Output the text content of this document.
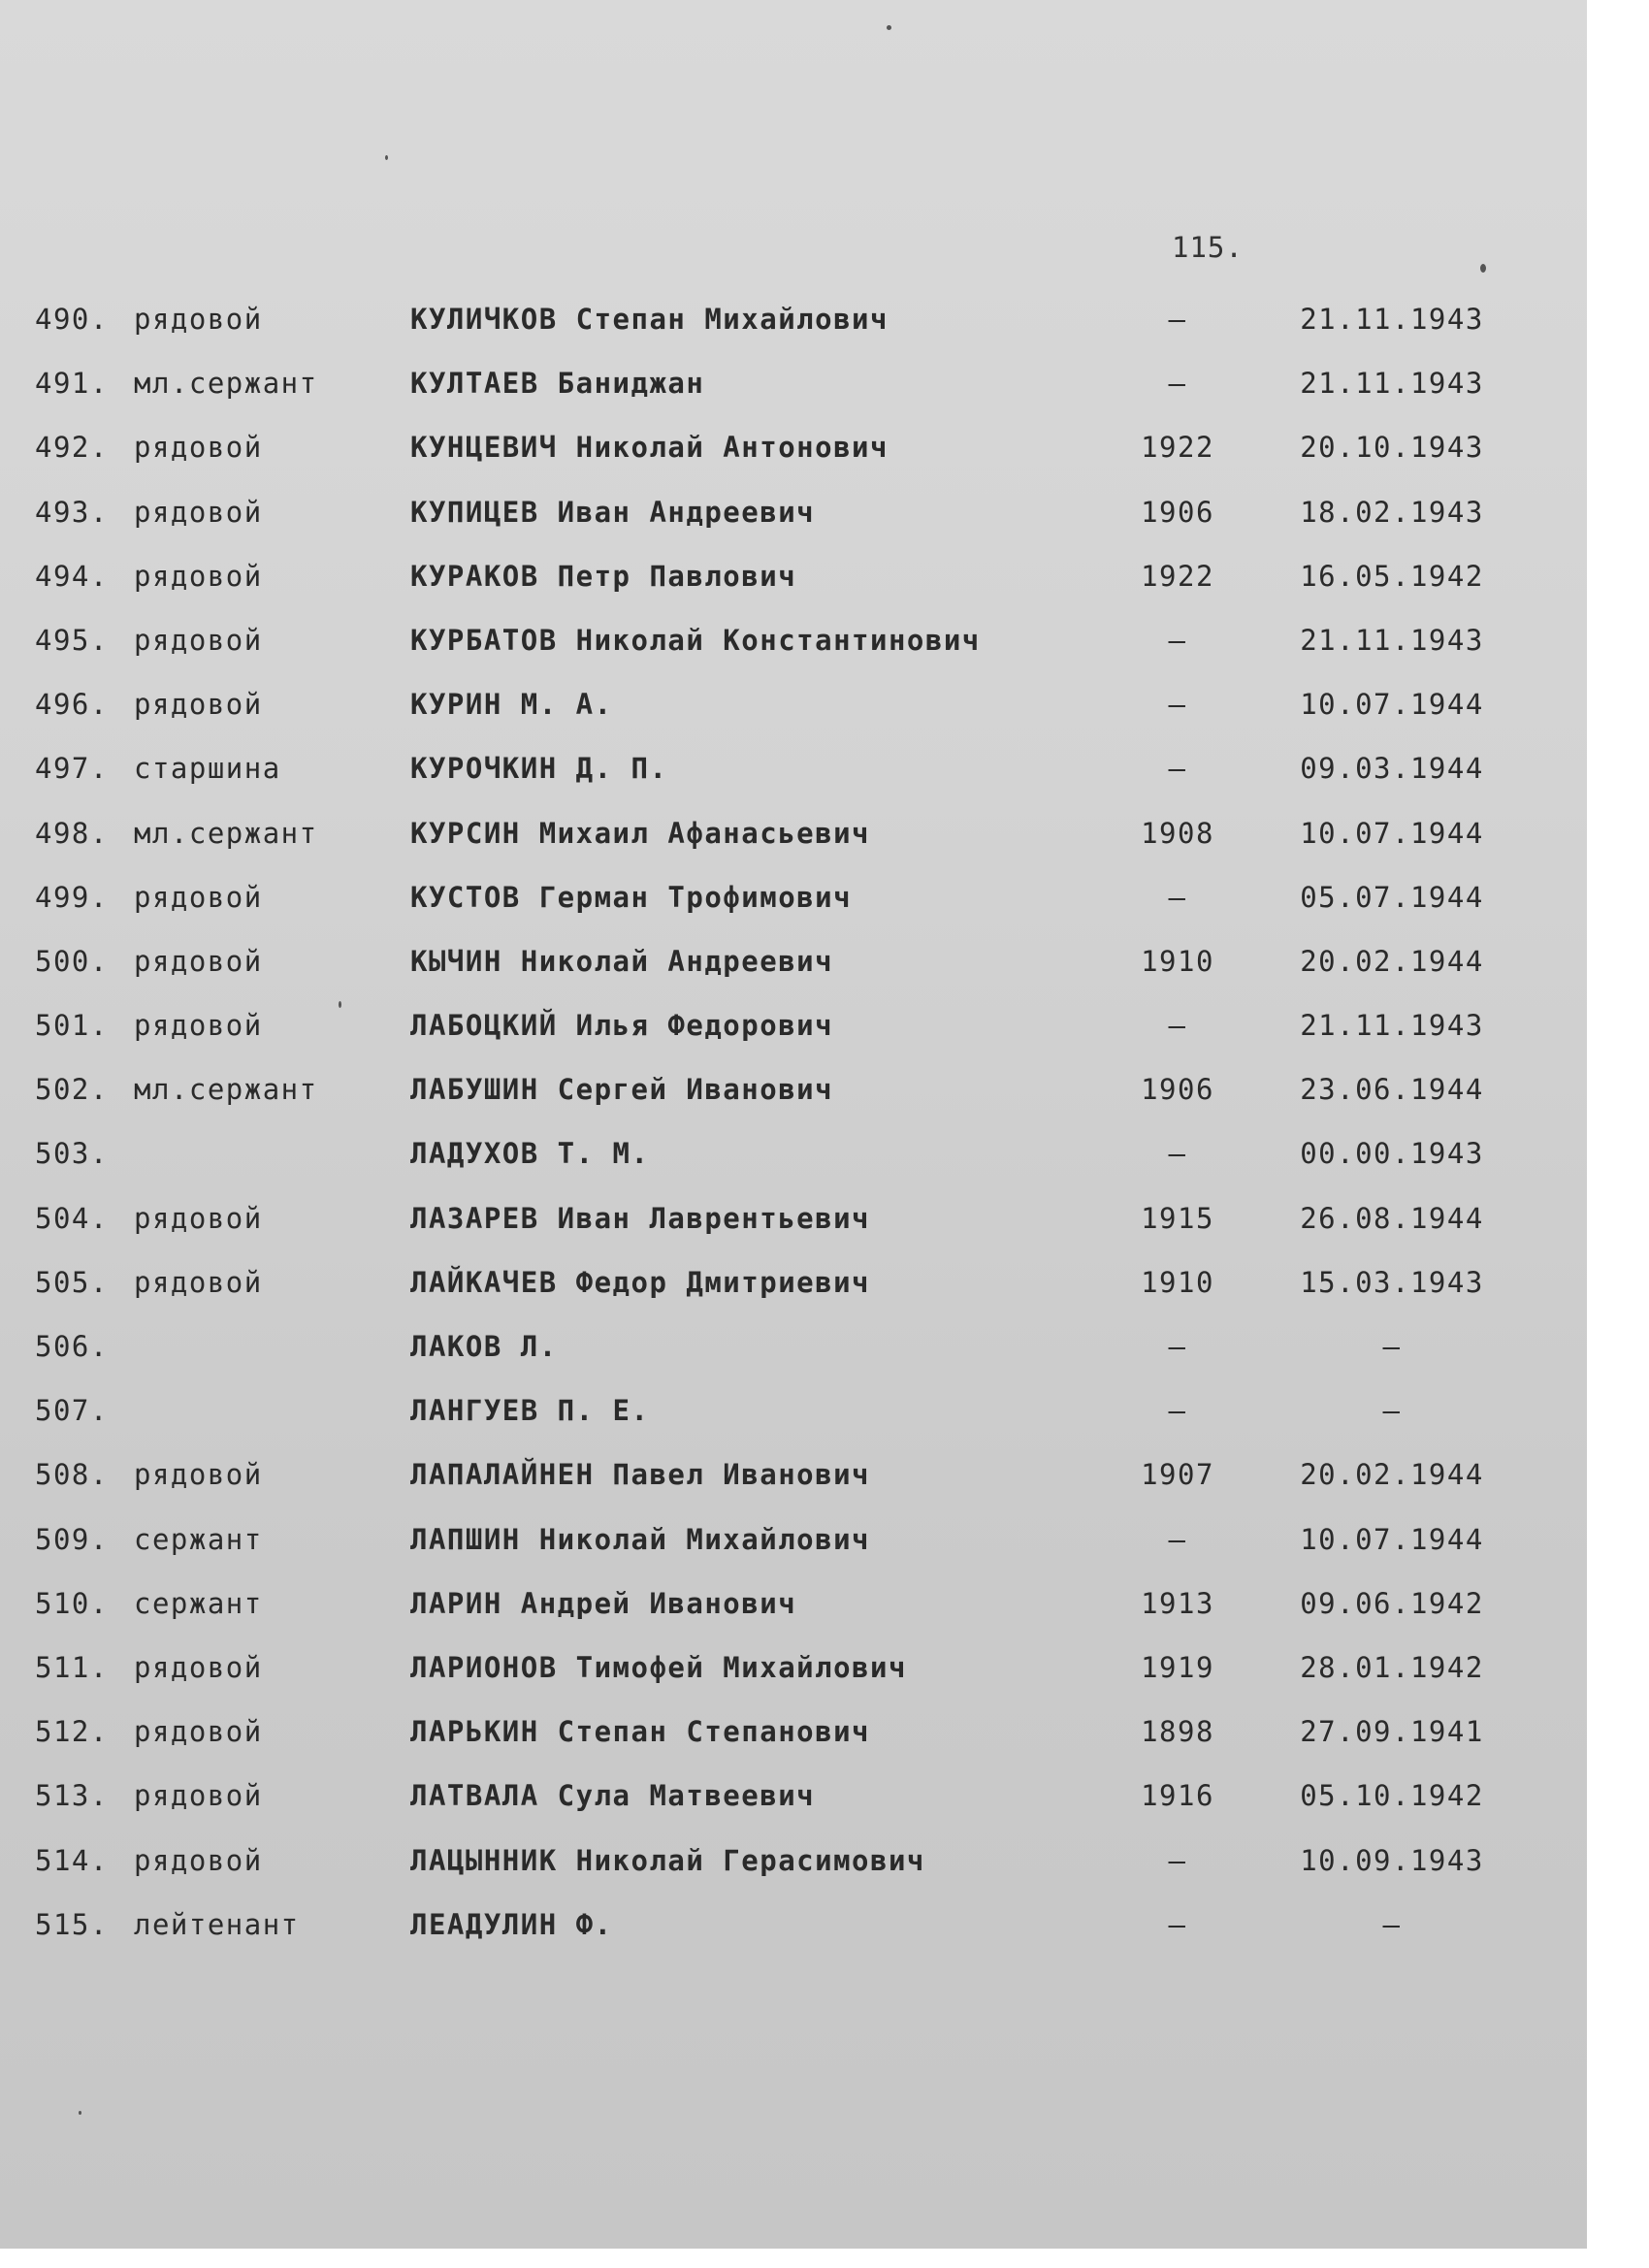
115.
490. рядовой	КУЛИЧКОВ Степан Михайлович	–	21.11.1943
491. мл.сержант	КУЛТАЕВ Баниджан	–	21.11.1943
492. рядовой	КУНЦЕВИЧ Николай Антонович	1922	20.10.1943
493. рядовой	КУПИЦЕВ Иван Андреевич	1906	18.02.1943
494. рядовой	КУРАКОВ Петр Павлович	1922	16.05.1942
495. рядовой	КУРБАТОВ Николай Константинович	–	21.11.1943
496. рядовой	КУРИН М. А.	–	10.07.1944
497. старшина	КУРОЧКИН Д. П.	–	09.03.1944
498. мл.сержант	КУРСИН Михаил Афанасьевич	1908	10.07.1944
499. рядовой	КУСТОВ Герман Трофимович	–	05.07.1944
500. рядовой	КЫЧИН Николай Андреевич	1910	20.02.1944
501. рядовой	ЛАБОЦКИЙ Илья Федорович	–	21.11.1943
502. мл.сержант	ЛАБУШИН Сергей Иванович	1906	23.06.1944
503.	ЛАДУХОВ Т. М.	–	00.00.1943
504. рядовой	ЛАЗАРЕВ Иван Лаврентьевич	1915	26.08.1944
505. рядовой	ЛАЙКАЧЕВ Федор Дмитриевич	1910	15.03.1943
506.	ЛАКОВ Л.	–	–
507.	ЛАНГУЕВ П. Е.	–	–
508. рядовой	ЛАПАЛАЙНЕН Павел Иванович	1907	20.02.1944
509. сержант	ЛАПШИН Николай Михайлович	–	10.07.1944
510. сержант	ЛАРИН Андрей Иванович	1913	09.06.1942
511. рядовой	ЛАРИОНОВ Тимофей Михайлович	1919	28.01.1942
512. рядовой	ЛАРЬКИН Степан Степанович	1898	27.09.1941
513. рядовой	ЛАТВАЛА Сула Матвеевич	1916	05.10.1942
514. рядовой	ЛАЦЫННИК Николай Герасимович	–	10.09.1943
515. лейтенант	ЛЕАДУЛИН Ф.	–	–
